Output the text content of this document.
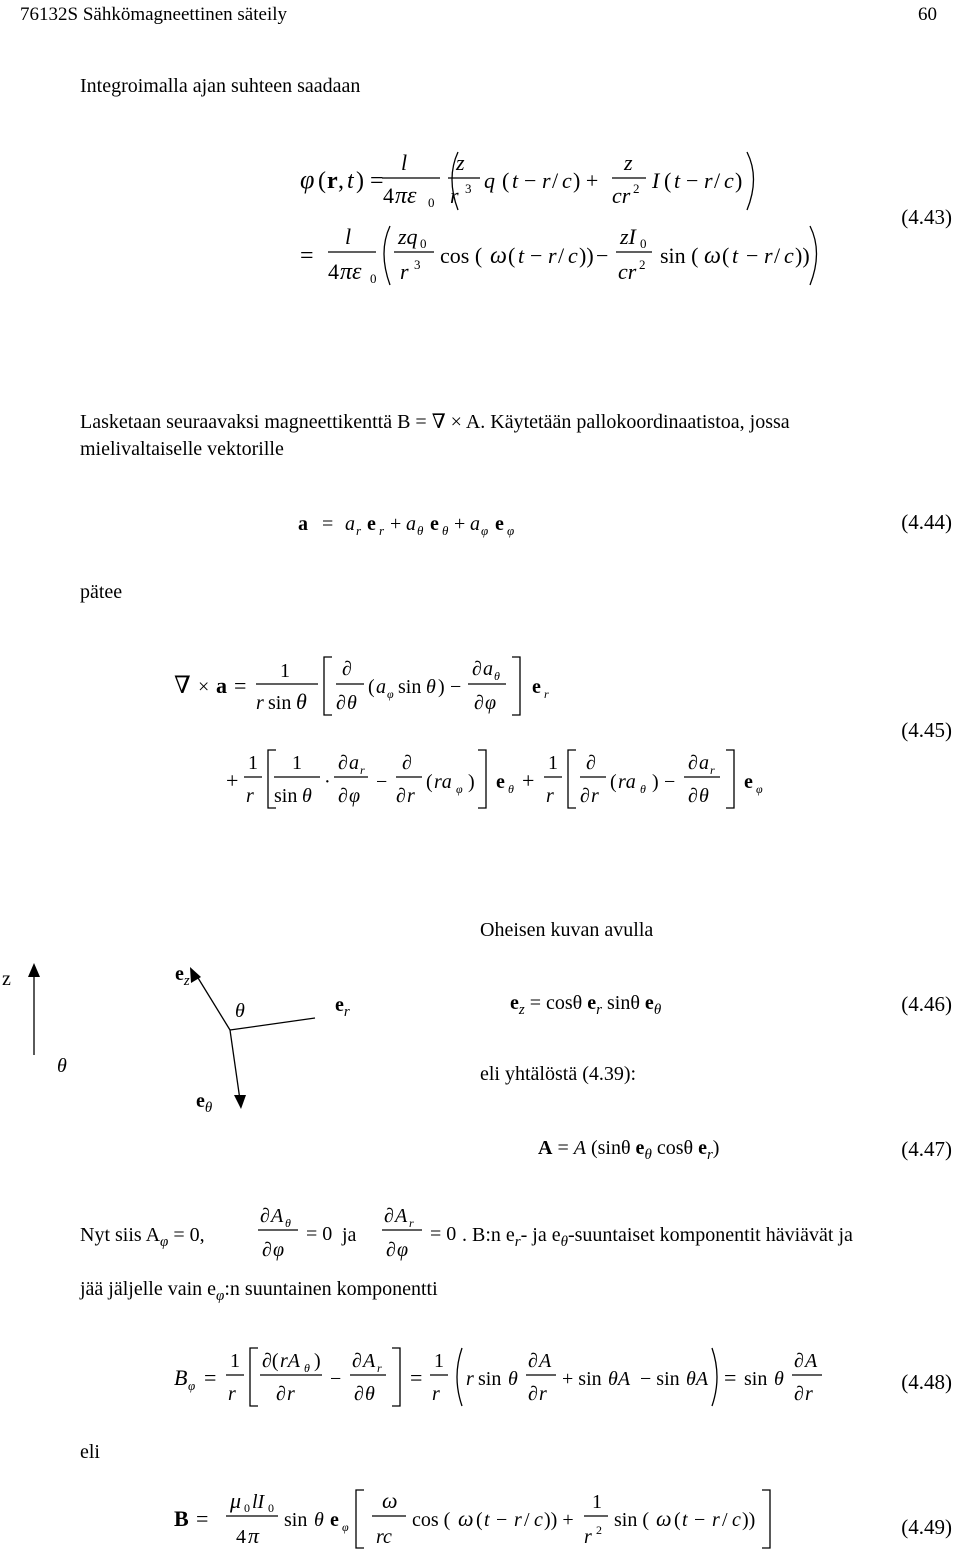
76132S Sähkömagneettinen säteily	60
Integroimalla ajan suhteen saadaan
φ ( r , t ) =
l
4 πε 0
z
r 3 q ( t − r / c ) +
z
cr 2 I ( t − r / c )
=
l
4 πε 0
zq 0
r 3 cos ( ω ( t − r / c )) −
zI 0
cr 2 sin ( ω ( t − r / c ))
(4.43)
Lasketaan seuraavaksi magneettikenttä B = ∇ × A. Käytetään pallokoordinaatistoa, jossa
mielivaltaiselle vektorille
a = a r e r + a θ e θ + a φ e φ	(4.44)
pätee
∇ × a =
1
r sin θ
∂
∂ θ
( a φ sin θ ) −
∂ a θ
∂ φ
e r
+
1
r
1
sin θ
·
∂ a r
∂ φ
−
∂
∂ r
( ra φ ) e θ +
1
r
∂
∂ r
( ra θ ) −
∂ a r
∂ θ
e φ
(4.45)
Oheisen kuvan avulla
z	$e_z$
θ	$e_r$
θ
$e_\theta$
$e_z = \cos\theta$ $e_r$ sinθ $e_\theta$	(4.46)
eli yhtälöstä (4.39):
A = A (sinθ $e_\theta$ cosθ $e_r$)	(4.47)
Nyt siis $A_\varphi = 0$,
∂ A θ
∂ φ
= 0 ja
∂ A r
∂ φ
= 0 . B:n $e_r-$ ja $e_\theta$-suuntaiset komponentit häviävät ja
jää jäljelle vain $e_\varphi:n$ suuntainen komponentti
B φ =
1
r
∂( rA θ )
∂ r
−
∂ A r
∂ θ
=
1
r
r sin θ
∂ A
∂ r
+ sin θA − sin θA = sin θ
∂ A
∂ r	(4.48)
eli
B =
μ 0 lI 0
4 π
sin θ e φ
ω
rc
cos ( ω ( t − r / c )) +
1
r 2 sin ( ω ( t − r / c ))	(4.49)
